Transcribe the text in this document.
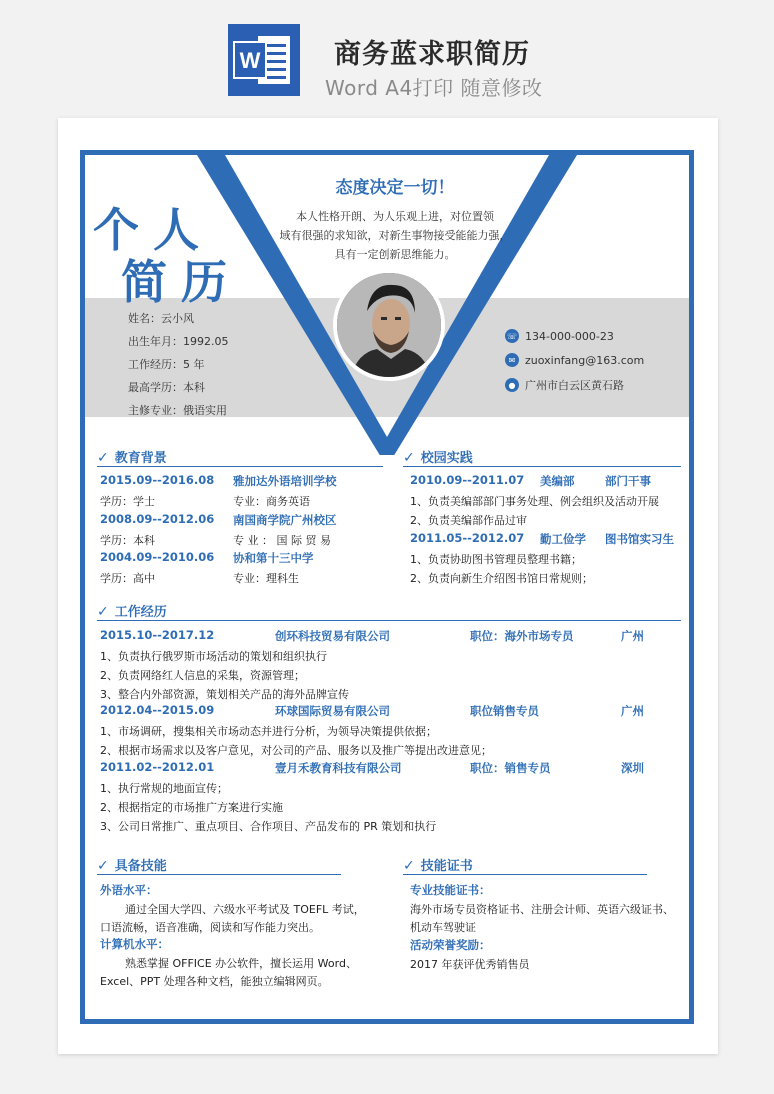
W	商务蓝求职简历
Word A4打印 随意修改
个人
简历
态度决定一切！
本人性格开朗、为人乐观上进，对位置领
域有很强的求知欲，对新生事物接受能能力强，
具有一定创新思维能力。
姓名：云小风
出生年月：1992.05
工作经历：5 年
最高学历：本科
主修专业：俄语实用
☏ 134-000-000-23
✉ zuoxinfang@163.com
● 广州市白云区黄石路
✓ 教育背景
2015.09--2016.08 雅加达外语培训学校
学历：学士	专业：商务英语
2008.09--2012.06 南国商学院广州校区
学历：本科	专 业 ： 国 际 贸 易
2004.09--2010.06 协和第十三中学
学历：高中	专业：理科生
✓ 校园实践
2010.09--2011.07 美编部	部门干事
1、负责美编部部门事务处理、例会组织及活动开展
2、负责美编部作品过审
2011.05--2012.07 勤工俭学 图书馆实习生
1、负责协助图书管理员整理书籍；
2、负责向新生介绍图书馆日常规则；
✓ 工作经历
2015.10--2017.12	创环科技贸易有限公司	职位：海外市场专员	广州
1、负责执行俄罗斯市场活动的策划和组织执行
2、负责网络红人信息的采集，资源管理；
3、整合内外部资源，策划相关产品的海外品牌宣传
2012.04--2015.09	环球国际贸易有限公司	职位销售专员	广州
1、市场调研，搜集相关市场动态并进行分析，为领导决策提供依据；
2、根据市场需求以及客户意见，对公司的产品、服务以及推广等提出改进意见；
2011.02--2012.01	壹月禾教育科技有限公司	职位：销售专员	深圳
1、执行常规的地面宣传；
2、根据指定的市场推广方案进行实施
3、公司日常推广、重点项目、合作项目、产品发布的 PR 策划和执行
✓ 具备技能
外语水平：
通过全国大学四、六级水平考试及 TOEFL 考试，
口语流畅，语音准确，阅读和写作能力突出。
计算机水平：
熟悉掌握 OFFICE 办公软件，擅长运用 Word、
Excel、PPT 处理各种文档，能独立编辑网页。
✓ 技能证书
专业技能证书：
海外市场专员资格证书、注册会计师、英语六级证书、
机动车驾驶证
活动荣誉奖励：
2017 年获评优秀销售员
